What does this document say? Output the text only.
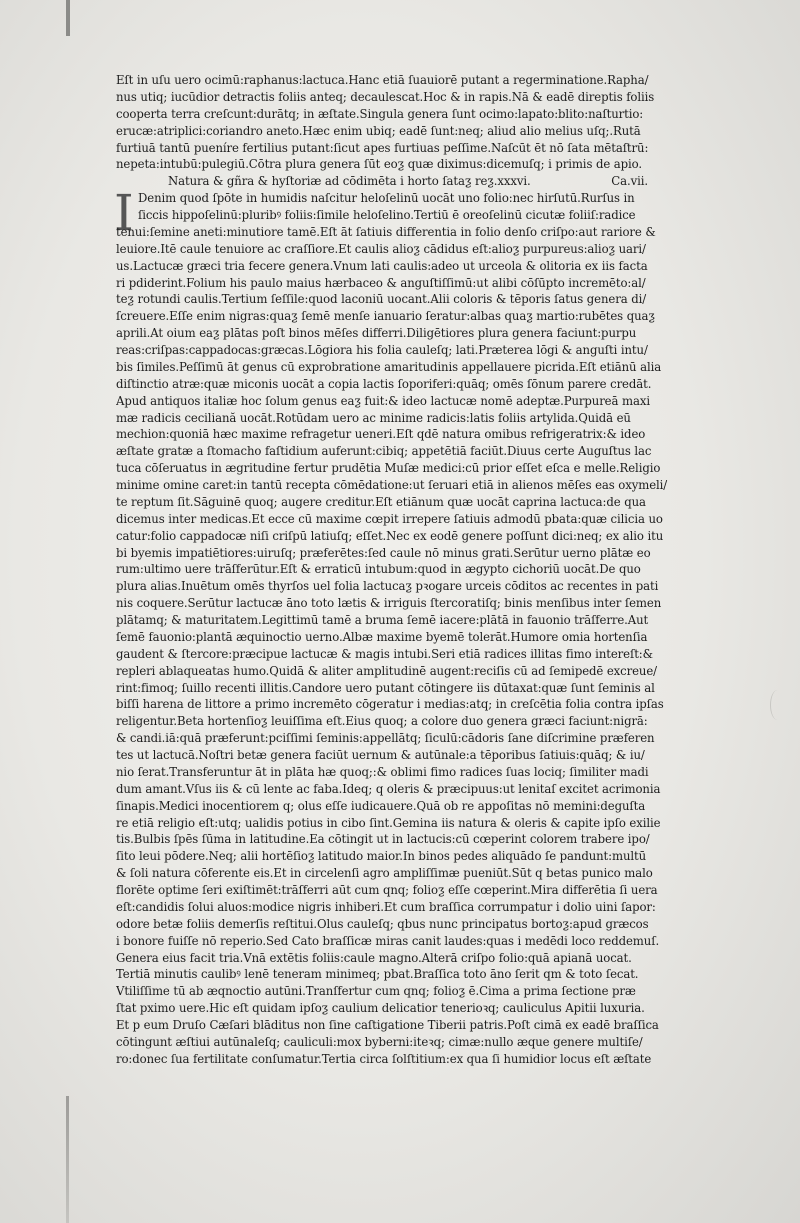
I
Eſt in uſu uero ocimū:raphanus:lactuca.Hanc etiā ſuauiorē putant a regerminatione.Rapha/
nus utiq; iucūdior detractis foliis anteq; decaulescat.Hoc & in rapis.Nā & eadē direptis foliis
cooperta terra creſcunt:durātq; in æſtate.Singula genera ſunt ocimo:lapato:blito:naſturtio:
erucæ:atriplici:coriandro aneto.Hæc enim ubiq; eadē ſunt:neq; aliud alio melius uſq;.Rutā
furtiuā tantū pueníre fertilius putant:ſicut apes furtiuas peſſime.Naſcūt ēt nō ſata mētaſtrū:
nepeta:intubū:pulegiū.Cōtra plura genera ſūt eoƺ quæ diximus:dicemuſq; i primis de apio.
Natura & gñra & hyſtoriæ ad cōdimēta i horto ſataƺ reƺ.xxxvi.	Ca.vii.
Denim quod ſpōte in humidis naſcitur heloſelinū uocāt uno folio:nec hirſutū.Rurſus in
ſiccis hippoſelinū:pluribꝰ foliis:ſimile heloſelino.Tertiū ē oreoſelinū cicutæ foliiſ:radice
tenui:ſemine aneti:minutiore tamē.Eſt āt ſatiuis differentia in folio denſo criſpo:aut rariore &
leuiore.Itē caule tenuiore ac craſſiore.Et caulis alioƺ cādidus eſt:alioƺ purpureus:alioƺ uari/
us.Lactucæ græci tria fecere genera.Vnum lati caulis:adeo ut urceola & olitoria ex iis facta
ri pdiderint.Folium his paulo maius hærbaceo & anguſtiſſimū:ut alibi cōſūpto incremēto:al/
teƺ rotundi caulis.Tertium ſeſſile:quod laconiū uocant.Alii coloris & tēporis ſatus genera di/
ſcreuere.Eſſe enim nigras:quaƺ ſemē menſe ianuario ſeratur:albas quaƺ martio:rubētes quaƺ
aprili.At oium eaƺ plātas poſt binos mēſes differri.Diligētiores plura genera faciunt:purpu
reas:criſpas:cappadocas:græcas.Lōgiora his folia cauleſq; lati.Præterea lōgi & anguſti intu/
bis ſimiles.Peſſimū āt genus cū exprobratione amaritudinis appellauere picrida.Eſt etiānū alia
diſtinctio atræ:quæ miconis uocāt a copia lactis ſoporiferi:quāq; omēs ſōnum parere credāt.
Apud antiquos italiæ hoc ſolum genus eaƺ fuit:& ideo lactucæ nomē adeptæ.Purpureā maxi
mæ radicis ceciliană uocāt.Rotūdam uero ac minime radicis:latis foliis artylida.Quidā eū
mechion:quoniā hæc maxime refragetur ueneri.Eſt qdē natura omibus refrigeratrix:& ideo
æſtate gratæ a ſtomacho faſtidium auferunt:cibiq; appetētiā faciūt.Diuus certe Auguſtus lac
tuca cōſeruatus in ægritudine fertur prudētia Muſæ medici:cū prior eſſet eſca e melle.Religio
minime omine caret:in tantū recepta cōmēdatione:ut ſeruari etiā in alienos mēſes eas oxymeli/
te reptum ſit.Sāguinē quoq; augere creditur.Eſt etiānum quæ uocāt caprina lactuca:de qua
dicemus inter medicas.Et ecce cū maxime cœpit irrepere ſatiuis admodū pbata:quæ cilicia uo
catur:folio cappadocæ niſi criſpū latiuſq; eſſet.Nec ex eodē genere poſſunt dici:neq; ex alio itu
bi byemis impatiētiores:uiruſq; præferētes:ſed caule nō minus grati.Serūtur uerno plātæ eo
rum:ultimo uere trāſferūtur.Eſt & erraticū intubum:quod in ægypto cichoriū uocāt.De quo
plura alias.Inuētum omēs thyrſos uel folia lactucaƺ pꝛogare urceis cōditos ac recentes in pati
nis coquere.Serūtur lactucæ āno toto lætis & irriguis ſtercoratiſq; binis menſibus inter ſemen
plātamq; & maturitatem.Legittimū tamē a bruma ſemē iacere:plātā in fauonio trāſferre.Aut
ſemē fauonio:plantā æquinoctio uerno.Albæ maxime byemē tolerāt.Humore omia hortenſia
gaudent & ſtercore:præcipue lactucæ & magis intubi.Seri etiā radices illitas fimo intereſt:&
repleri ablaqueatas humo.Quidā & aliter amplitudinē augent:reciſis cū ad ſemipedē excreue/
rint:fimoq; ſuillo recenti illitis.Candore uero putant cōtingere iis dūtaxat:quæ ſunt ſeminis al
biſſi harena de littore a primo incremēto cōgeratur i medias:atq; in creſcētia folia contra ipſas
religentur.Beta hortenſioƺ leuiſſima eſt.Eius quoq; a colore duo genera græci faciunt:nigrā:
& candi.iā:quā præferunt:pciſſimi ſeminis:appellātq; ſiculū:cādoris ſane diſcrimine præferen
tes ut lactucā.Noſtri betæ genera faciūt uernum & autūnale:a tēporibus ſatiuis:quāq; & iu/
nio ſerat.Transferuntur āt in plāta hæ quoq;:& oblimi fimo radices ſuas lociq; ſimiliter madi
dum amant.Vſus iis & cū lente ac faba.Ideq; q oleris & præcipuus:ut lenitaſ excitet acrimonia
ſinapis.Medici inocentiorem q; olus eſſe iudicauere.Quā ob re appoſitas nō memini:deguſta
re etiā religio eſt:utq; ualidis potius in cibo ſint.Gemina iis natura & oleris & capite ipſo exilie
tis.Bulbis ſpēs ſūma in latitudine.Ea cōtingit ut in lactucis:cū cœperint colorem trabere ipo/
ſito leui pōdere.Neq; alii hortēſioƺ latitudo maior.In binos pedes aliquādo ſe pandunt:multū
& ſoli natura cōferente eis.Et in circelenſi agro ampliſſimæ pueniūt.Sūt q betas punico malo
florēte optime ſeri exiſtimēt:trāſferri aūt cum qnq; folioƺ eſſe cœperint.Mira differētia ſi uera
eſt:candidis ſolui aluos:modice nigris inhiberi.Et cum braſſica corrumpatur i dolio uini ſapor:
odore betæ foliis demerſis reſtitui.Olus cauleſq; qbus nunc principatus bortoƺ:apud græcos
i bonore fuiſſe nō reperio.Sed Cato braſſicæ miras canit laudes:quas i medēdi loco reddemuſ.
Genera eius facit tria.Vnā extētis foliis:caule magno.Alterā criſpo folio:quā apianā uocat.
Tertiā minutis caulibꝰ lenē teneram minimeq; pbat.Braſſica toto āno ſerit qm & toto ſecat.
Vtiliſſime tū ab æqnoctio autūni.Tranſfertur cum qnq; folioƺ ē.Cima a prima ſectione præ
ſtat pximo uere.Hic eſt quidam ipſoƺ caulium delicatior tenerioꝛq; cauliculus Apitii luxuria.
Et p eum Druſo Cæſari blāditus non ſine caſtigatione Tiberii patris.Poſt cimā ex eadē braſſica
cōtingunt æſtiui autūnaleſq; cauliculi:mox byberni:iteꝛq; cimæ:nullo æque genere multiſe/
ro:donec ſua fertilitate conſumatur.Tertia circa ſolſtitium:ex qua ſi humidior locus eſt æſtate
